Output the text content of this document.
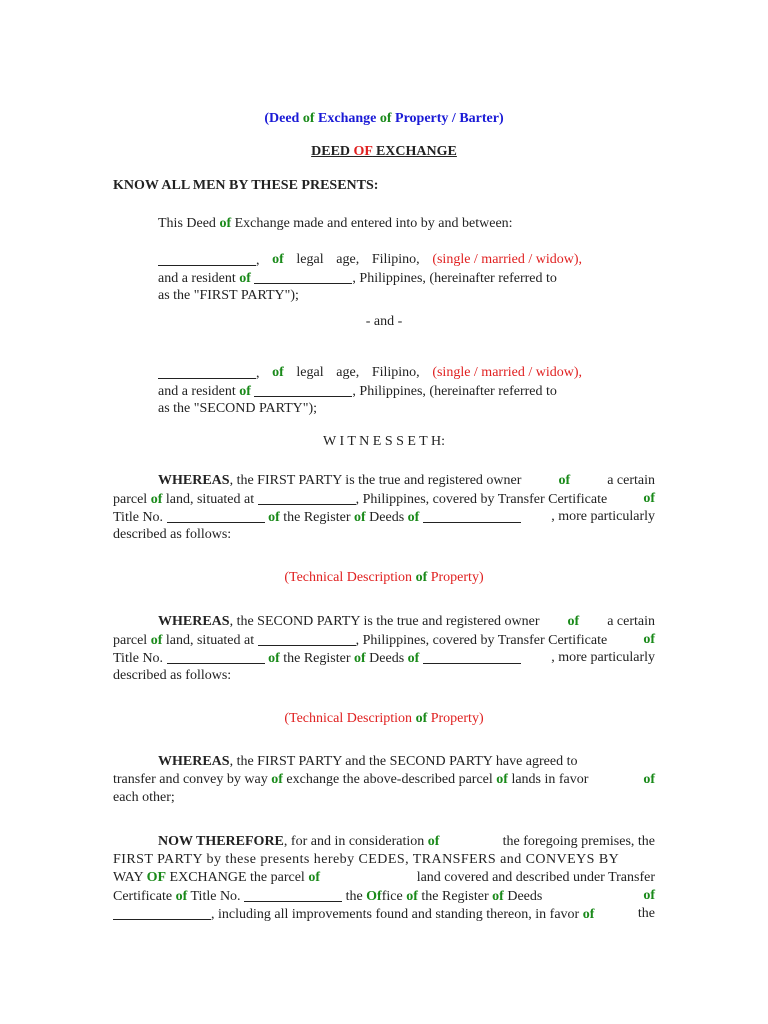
(Deed of Exchange of Property / Barter)
DEED OF EXCHANGE
KNOW ALL MEN BY THESE PRESENTS:
This Deed of Exchange made and entered into by and between:
, of legal age, Filipino, (single / married / widow),
and a resident of	, Philippines, (hereinafter referred to
as the "FIRST PARTY");
- and -
, of legal age, Filipino, (single / married / widow),
and a resident of	, Philippines, (hereinafter referred to
as the "SECOND PARTY");
W I T N E S S E T H:
WHEREAS, the FIRST PARTY is the true and registered owner of a certain
parcel of land, situated at	, Philippines, covered by Transfer Certificate of
Title No.	of the Register of Deeds of	, more particularly
described as follows:
(Technical Description of Property)
WHEREAS, the SECOND PARTY is the true and registered owner of a certain
parcel of land, situated at	, Philippines, covered by Transfer Certificate of
Title No.	of the Register of Deeds of	, more particularly
described as follows:
(Technical Description of Property)
WHEREAS, the FIRST PARTY and the SECOND PARTY have agreed to
transfer and convey by way of exchange the above-described parcel of lands in favor	of
each other;
NOW THEREFORE, for and in consideration of	the foregoing premises, the
FIRST PARTY by these presents hereby CEDES, TRANSFERS and CONVEYS BY
WAY OF EXCHANGE the parcel of	land covered and described under Transfer
Certificate of Title No.	the Office of the Register of Deeds	of
, including all improvements found and standing thereon, in favor of	the
